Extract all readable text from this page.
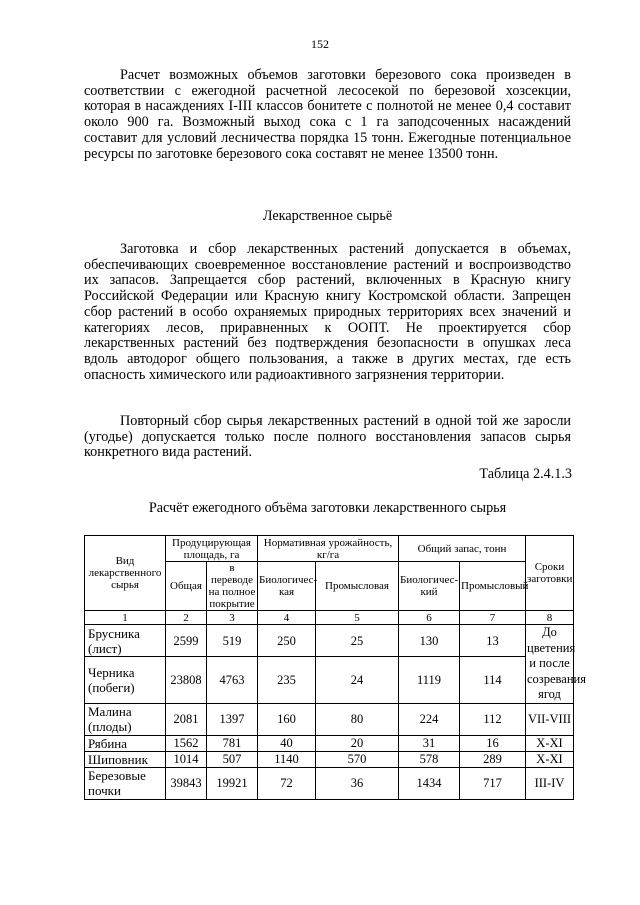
152

Расчет возможных объемов заготовки березового сока произведен в соответствии с ежегодной расчетной лесосекой по березовой хозсекции, которая в насаждениях I-III классов бонитете с полнотой не менее 0,4 составит около 900 га. Возможный выход сока с 1 га заподсоченных насаждений составит для условий лесничества порядка 15 тонн. Ежегодные потенциальное ресурсы по заготовке березового сока составят не менее 13500 тонн.

Лекарственное сырьё

Заготовка и сбор лекарственных растений допускается в объемах, обеспечивающих своевременное восстановление растений и воспроизводство их запасов. Запрещается сбор растений, включенных в Красную книгу Российской Федерации или Красную книгу Костромской области. Запрещен сбор растений в особо охраняемых природных территориях всех значений и категориях лесов, приравненных к ООПТ. Не проектируется сбор лекарственных растений без подтверждения безопасности в опушках леса вдоль автодорог общего пользования, а также в других местах, где есть опасность химического или радиоактивного загрязнения территории.

Повторный сбор сырья лекарственных растений в одной той же заросли (угодье) допускается только после полного восстановления запасов сырья конкретного вида растений.

Таблица 2.4.1.3

Расчёт ежегодного объёма заготовки лекарственного сырья

Вид лекарственного сырья	Продуцирующая площадь, га		Нормативная урожайность, кг/га		Общий запас, тонн		Сроки заготовки
	Общая	в переводе на полное покрытие	Биологичес-кая	Промысловая	Биологичес-кий	Промысловый	
1	2	3	4	5	6	7	8
Брусника (лист)	2599	519	250	25	130	13	До цветения и после созревания ягод
Черника (побеги)	23808	4763	235	24	1119	114	
Малина (плоды)	2081	1397	160	80	224	112	VII-VIII
Рябина	1562	781	40	20	31	16	X-XI
Шиповник	1014	507	1140	570	578	289	X-XI
Березовые почки	39843	19921	72	36	1434	717	III-IV
